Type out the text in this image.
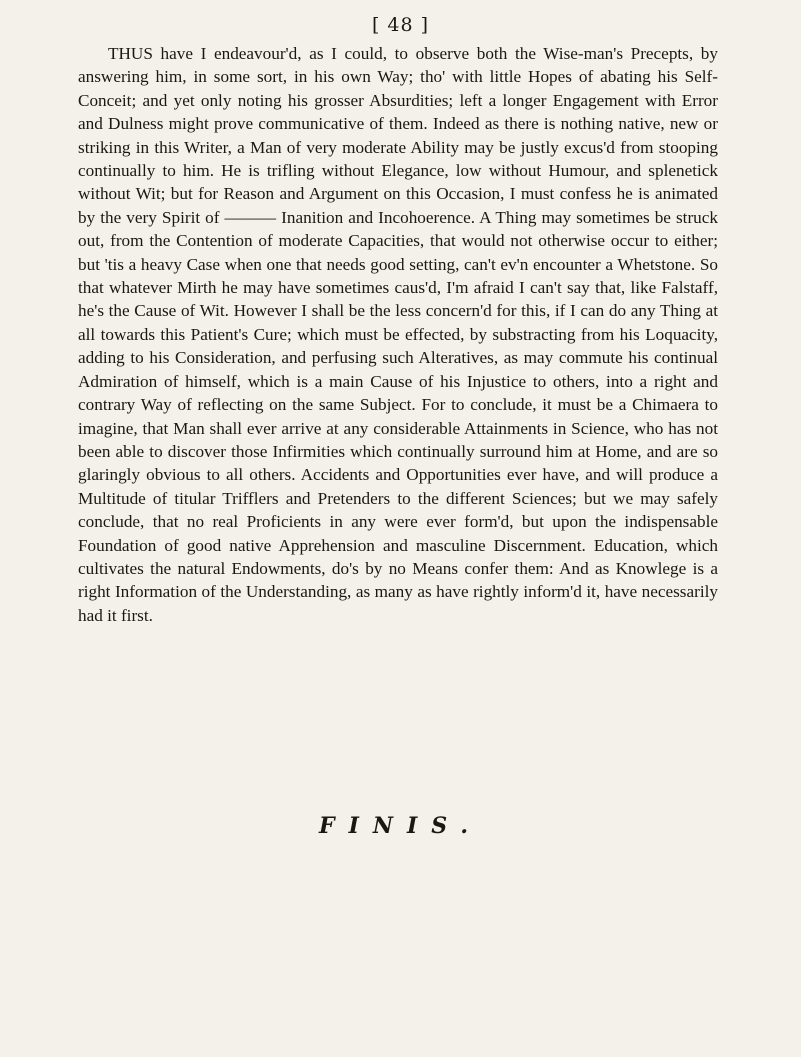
[ 48 ]

THUS have I endeavour'd, as I could, to observe both the Wise-man's Precepts, by answering him, in some sort, in his own Way; tho' with little Hopes of abating his Self-Conceit; and yet only noting his grosser Absurdities; left a longer Engagement with Error and Dulness might prove communicative of them. Indeed as there is nothing native, new or striking in this Writer, a Man of very moderate Ability may be justly excus'd from stooping continually to him. He is trifling without Elegance, low without Humour, and splenetick without Wit; but for Reason and Argument on this Occasion, I must confess he is animated by the very Spirit of ——— Inanition and Incohoerence. A Thing may sometimes be struck out, from the Contention of moderate Capacities, that would not otherwise occur to either; but 'tis a heavy Case when one that needs good setting, can't ev'n encounter a Whetstone. So that whatever Mirth he may have sometimes caus'd, I'm afraid I can't say that, like Falstaff, he's the Cause of Wit. However I shall be the less concern'd for this, if I can do any Thing at all towards this Patient's Cure; which must be effected, by substracting from his Loquacity, adding to his Consideration, and perfusing such Alteratives, as may commute his continual Admiration of himself, which is a main Cause of his Injustice to others, into a right and contrary Way of reflecting on the same Subject. For to conclude, it must be a Chimaera to imagine, that Man shall ever arrive at any considerable Attainments in Science, who has not been able to discover those Infirmities which continually surround him at Home, and are so glaringly obvious to all others. Accidents and Opportunities ever have, and will produce a Multitude of titular Trifflers and Pretenders to the different Sciences; but we may safely conclude, that no real Proficients in any were ever form'd, but upon the indispensable Foundation of good native Apprehension and masculine Discernment. Education, which cultivates the natural Endowments, do's by no Means confer them: And as Knowlege is a right Information of the Understanding, as many as have rightly inform'd it, have necessarily had it first.

FINIS.
